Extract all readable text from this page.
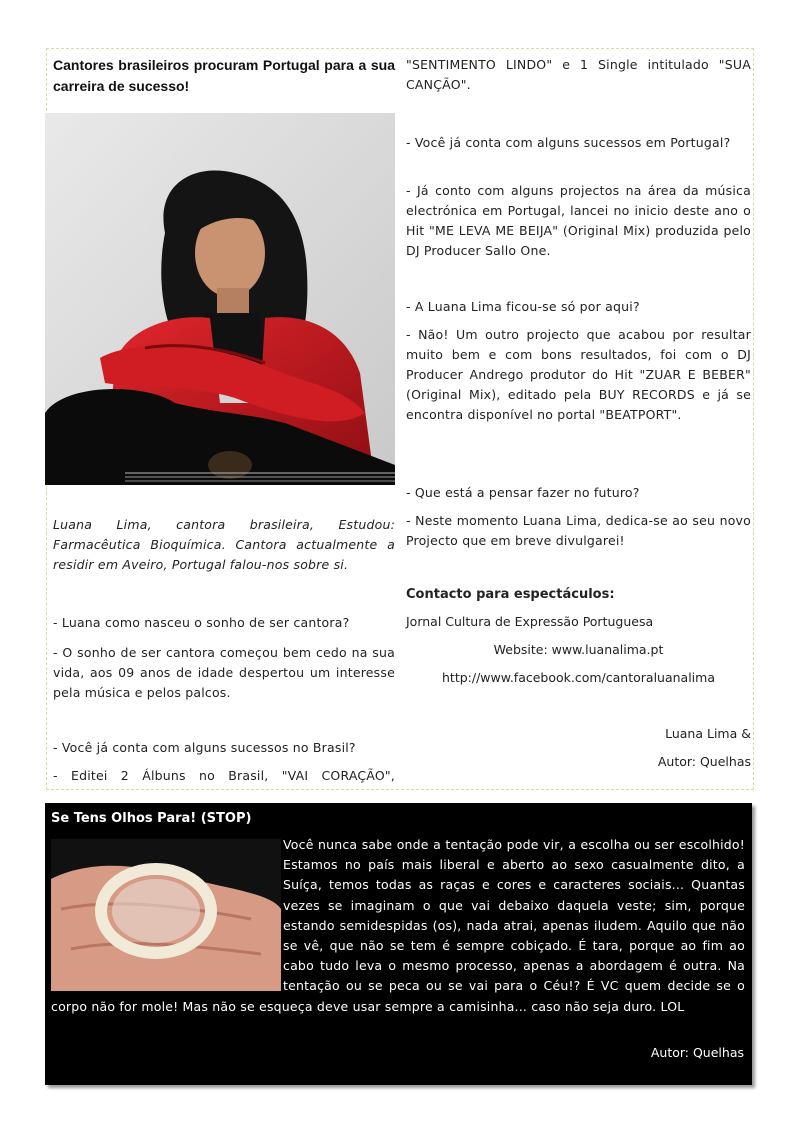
Cantores brasileiros procuram Portugal para a sua carreira de sucesso!

Luana Lima, cantora brasileira, Estudou: Farmacêutica Bioquímica. Cantora actualmente a residir em Aveiro, Portugal falou-nos sobre si.

- Luana como nasceu o sonho de ser cantora?

- O sonho de ser cantora começou bem cedo na sua vida, aos 09 anos de idade despertou um interesse pela música e pelos palcos.

- Você já conta com alguns sucessos no Brasil?

- Editei 2 Álbuns no Brasil, "VAI CORAÇÃO",

"SENTIMENTO LINDO" e 1 Single intitulado "SUA CANÇÃO".

- Você já conta com alguns sucessos em Portugal?

- Já conto com alguns projectos na área da música electrónica em Portugal, lancei no inicio deste ano o Hit "ME LEVA ME BEIJA" (Original Mix) produzida pelo DJ Producer Sallo One.

- A Luana Lima ficou-se só por aqui?

- Não! Um outro projecto que acabou por resultar muito bem e com bons resultados, foi com o DJ Producer Andrego produtor do Hit "ZUAR E BEBER" (Original Mix), editado pela BUY RECORDS e já se encontra disponível no portal "BEATPORT".

- Que está a pensar fazer no futuro?

- Neste momento Luana Lima, dedica-se ao seu novo Projecto que em breve divulgarei!

Contacto para espectáculos:
Jornal Cultura de Expressão Portuguesa
Website: www.luanalima.pt
http://www.facebook.com/cantoraluanalima
Luana Lima &
Autor: Quelhas
Se Tens Olhos Para! (STOP)
Você nunca sabe onde a tentação pode vir, a escolha ou ser escolhido! Estamos no país mais liberal e aberto ao sexo casualmente dito, a Suíça, temos todas as raças e cores e caracteres sociais... Quantas vezes se imaginam o que vai debaixo daquela veste; sim, porque estando semidespidas (os), nada atrai, apenas iludem. Aquilo que não se vê, que não se tem é sempre cobiçado. É tara, porque ao fim ao cabo tudo leva o mesmo processo, apenas a abordagem é outra. Na tentação ou se peca ou se vai para o Céu!? É VC quem decide se o corpo não for mole! Mas não se esqueça deve usar sempre a camisinha... caso não seja duro. LOL
Autor: Quelhas
